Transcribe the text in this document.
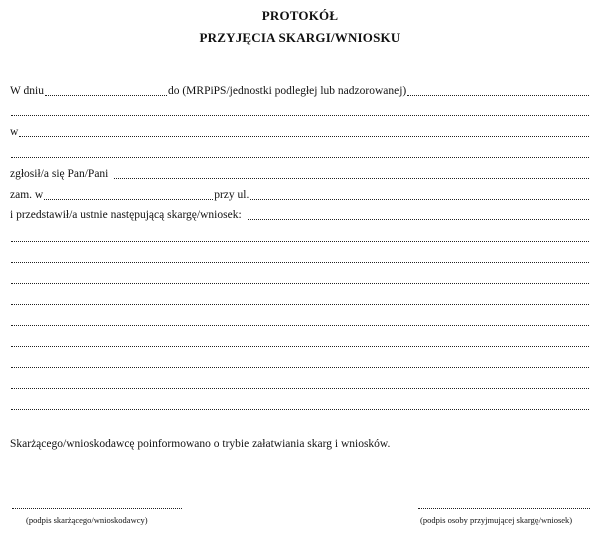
PROTOKÓŁ
PRZYJĘCIA SKARGI/WNIOSKU
W dniu	do (MRPiPS/jednostki podległej lub nadzorowanej)
w
zgłosił/a się Pan/Pani
zam. w	przy ul.
i przedstawił/a ustnie następującą skargę/wniosek:
Skarżącego/wnioskodawcę poinformowano o trybie załatwiania skarg i wniosków.
(podpis skarżącego/wnioskodawcy)	(podpis osoby przyjmującej skargę/wniosek)
